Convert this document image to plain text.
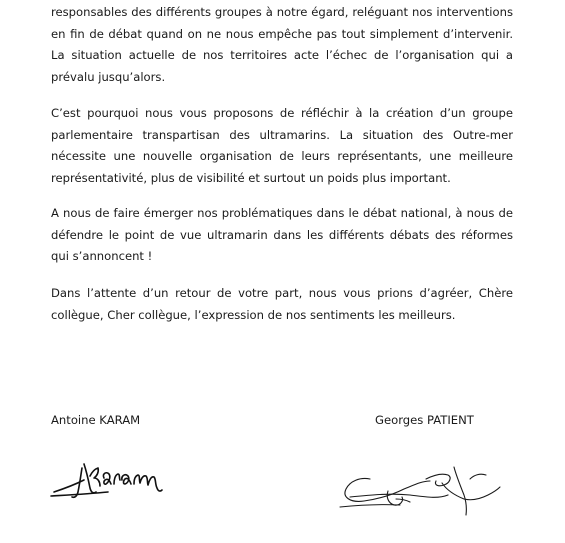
responsables des différents groupes à notre égard, reléguant nos interventions en fin de débat quand on ne nous empêche pas tout simplement d’intervenir. La situation actuelle de nos territoires acte l’échec de l’organisation qui a prévalu jusqu’alors.

C’est pourquoi nous vous proposons de réfléchir à la création d’un groupe parlementaire transpartisan des ultramarins. La situation des Outre-mer nécessite une nouvelle organisation de leurs représentants, une meilleure représentativité, plus de visibilité et surtout un poids plus important.

A nous de faire émerger nos problématiques dans le débat national, à nous de défendre le point de vue ultramarin dans les différents débats des réformes qui s’annoncent !

Dans l’attente d’un retour de votre part, nous vous prions d’agréer, Chère collègue, Cher collègue, l’expression de nos sentiments les meilleurs.

Antoine KARAM	Georges PATIENT
